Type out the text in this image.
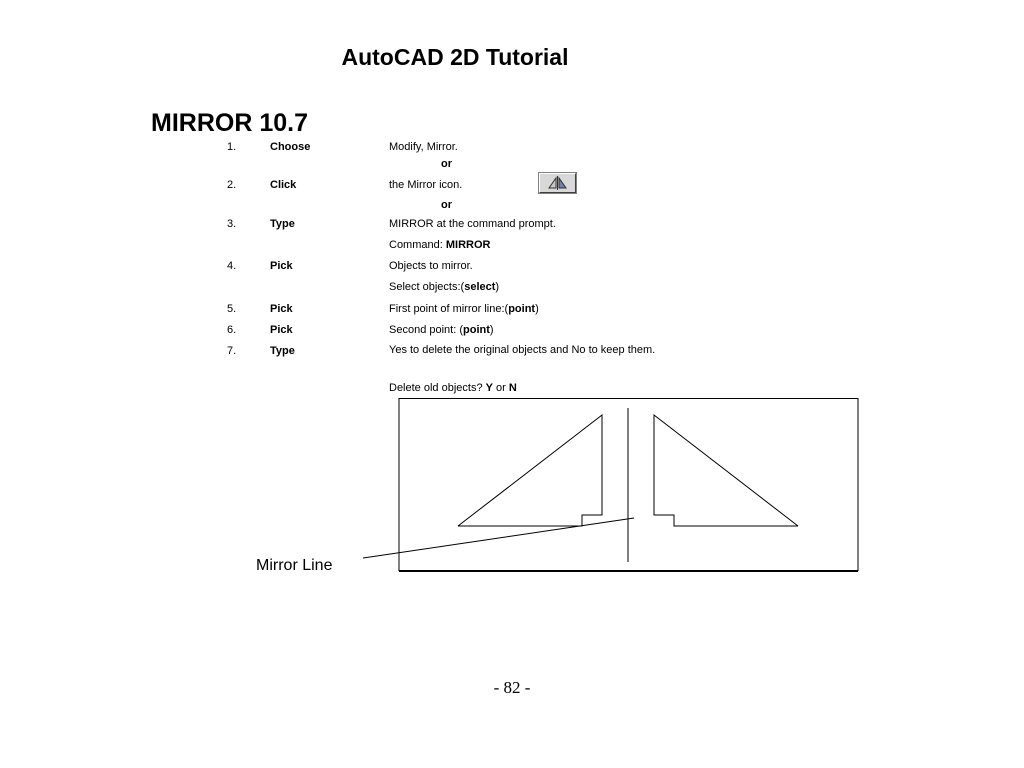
AutoCAD 2D Tutorial
MIRROR 10.7
1.	Choose	Modify, Mirror.
or
2.	Click	the Mirror icon.
or
3.	Type	MIRROR at the command prompt.
Command: MIRROR
4.	Pick	Objects to mirror.
Select objects:(select)
5.	Pick	First point of mirror line:(point)
6.	Pick	Second point: (point)
7.	Type	Yes to delete the original objects and No to keep them.
Delete old objects? Y or N
Mirror Line
- 82 -
